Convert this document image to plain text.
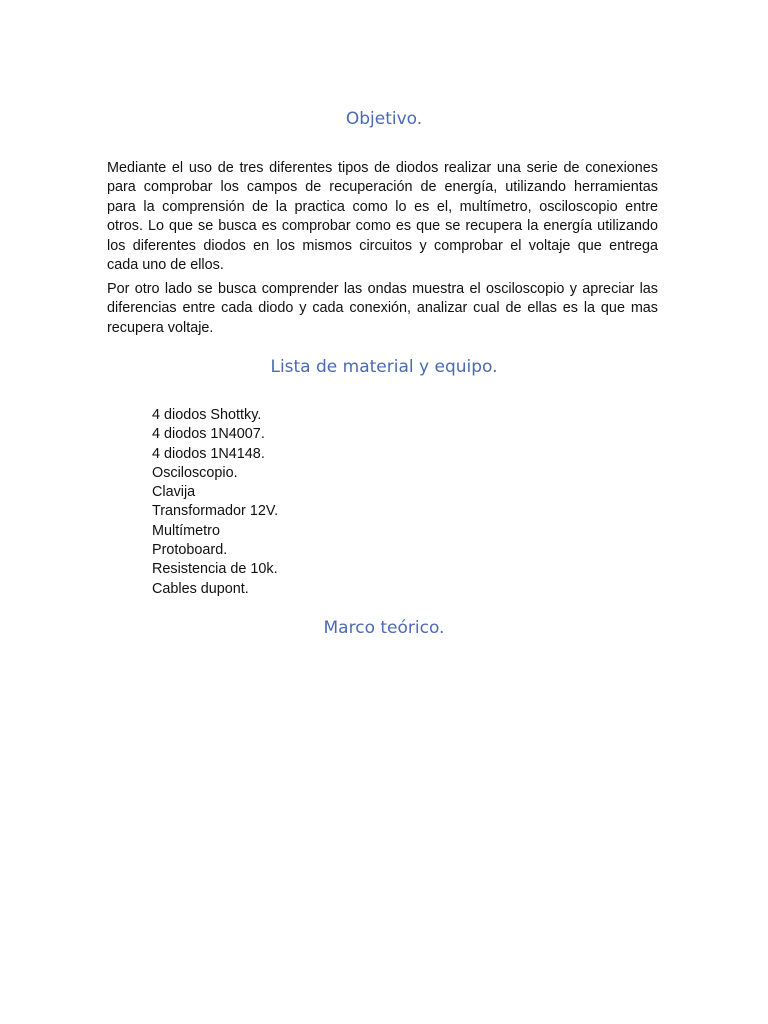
Objetivo.

Mediante el uso de tres diferentes tipos de diodos realizar una serie de conexiones
para comprobar los campos de recuperación de energía, utilizando herramientas
para la comprensión de la practica como lo es el, multímetro, osciloscopio entre
otros. Lo que se busca es comprobar como es que se recupera la energía utilizando
los diferentes diodos en los mismos circuitos y comprobar el voltaje que entrega
cada uno de ellos.

Por otro lado se busca comprender las ondas muestra el osciloscopio y apreciar las
diferencias entre cada diodo y cada conexión, analizar cual de ellas es la que mas
recupera voltaje.

Lista de material y equipo.
4 diodos Shottky.
4 diodos 1N4007.
4 diodos 1N4148.
Osciloscopio.
Clavija
Transformador 12V.
Multímetro
Protoboard.
Resistencia de 10k.
Cables dupont.
Marco teórico.
